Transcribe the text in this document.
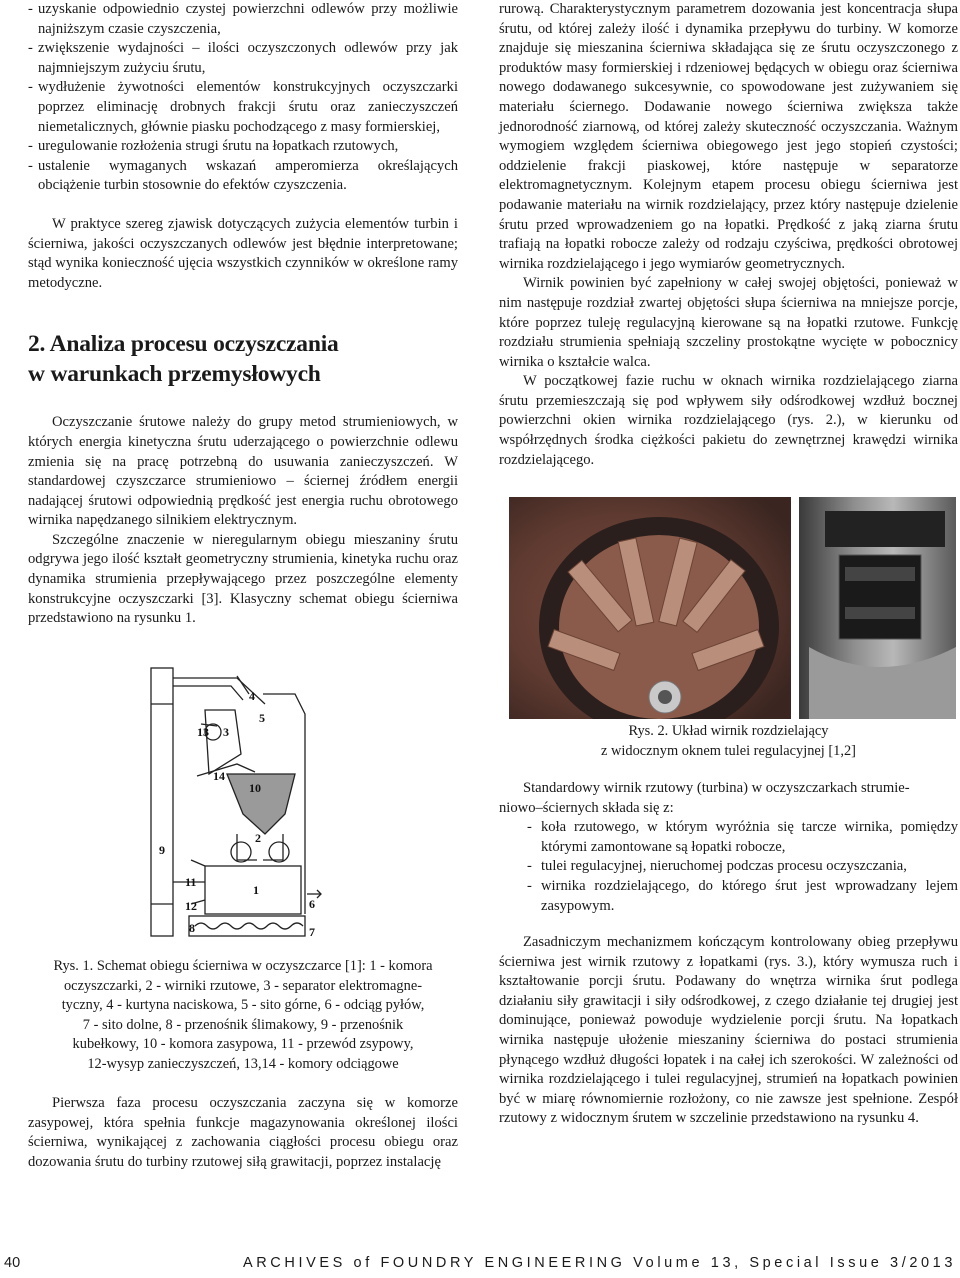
- uzyskanie odpowiednio czystej powierzchni odlewów przy możliwie najniższym czasie czyszczenia,
- zwiększenie wydajności – ilości oczyszczonych odlewów przy jak najmniejszym zużyciu śrutu,
- wydłużenie żywotności elementów konstrukcyjnych oczyszczarki poprzez eliminację drobnych frakcji śrutu oraz zanieczyszczeń niemetalicznych, głównie piasku pochodzącego z masy formierskiej,
- uregulowanie rozłożenia strugi śrutu na łopatkach rzutowych,
- ustalenie wymaganych wskazań amperomierza określających obciążenie turbin stosownie do efektów czyszczenia.

W praktyce szereg zjawisk dotyczących zużycia elementów turbin i ścierniwa, jakości oczyszczanych odlewów jest błędnie interpretowane; stąd wynika konieczność ujęcia wszystkich czynników w określone ramy metodyczne.

2. Analiza procesu oczyszczania
w warunkach przemysłowych

Oczyszczanie śrutowe należy do grupy metod strumieniowych, w których energia kinetyczna śrutu uderzającego o powierzchnie odlewu zmienia się na pracę potrzebną do usuwania zanieczyszczeń. W standardowej czyszczarce strumieniowo – ściernej źródłem energii nadającej śrutowi odpowiednią prędkość jest energia ruchu obrotowego wirnika napędzanego silnikiem elektrycznym.

Szczególne znaczenie w nieregularnym obiegu mieszaniny śrutu odgrywa jego ilość kształt geometryczny strumienia, kinetyka ruchu oraz dynamika strumienia przepływającego przez poszczególne elementy konstrukcyjne oczyszczarki [3]. Klasyczny schemat obiegu ścierniwa przedstawiono na rysunku 1.

Rys. 1. Schemat obiegu ścierniwa w oczyszczarce [1]: 1 - komora
oczyszczarki, 2 - wirniki rzutowe, 3 - separator elektromagne-
tyczny, 4 - kurtyna naciskowa, 5 - sito górne, 6 - odciąg pyłów,
7 - sito dolne, 8 - przenośnik ślimakowy, 9 - przenośnik
kubełkowy, 10 - komora zasypowa, 11 - przewód zsypowy,
12-wysyp zanieczyszczeń, 13,14 - komory odciągowe

Pierwsza faza procesu oczyszczania zaczyna się w komorze zasypowej, która spełnia funkcje magazynowania określonej ilości ścierniwa, wynikającej z zachowania ciągłości procesu obiegu oraz dozowania śrutu do turbiny rzutowej siłą grawitacji, poprzez instalację

4
5
13 3
14
10
9
2
11
1
12	6
8	7

rurową. Charakterystycznym parametrem dozowania jest koncentracja słupa śrutu, od której zależy ilość i dynamika przepływu do turbiny. W komorze znajduje się mieszanina ścierniwa składająca się ze śrutu oczyszczonego z produktów masy formierskiej i rdzeniowej będących w obiegu oraz ścierniwa nowego dodawanego sukcesywnie, co spowodowane jest zużywaniem się materiału ściernego. Dodawanie nowego ścierniwa zwiększa także jednorodność ziarnową, od której zależy skuteczność oczyszczania. Ważnym wymogiem względem ścierniwa obiegowego jest jego stopień czystości; oddzielenie frakcji piaskowej, które następuje w separatorze elektromagnetycznym. Kolejnym etapem procesu obiegu ścierniwa jest podawanie materiału na wirnik rozdzielający, przez który następuje dzielenie śrutu przed wprowadzeniem go na łopatki. Prędkość z jaką ziarna śrutu trafiają na łopatki robocze zależy od rodzaju czyściwa, prędkości obrotowej wirnika rozdzielającego i jego wymiarów geometrycznych.

Wirnik powinien być zapełniony w całej swojej objętości, ponieważ w nim następuje rozdział zwartej objętości słupa ścierniwa na mniejsze porcje, które poprzez tuleję regulacyjną kierowane są na łopatki rzutowe. Funkcję rozdziału strumienia spełniają szczeliny prostokątne wycięte w pobocznicy wirnika o kształcie walca.

W początkowej fazie ruchu w oknach wirnika rozdzielającego ziarna śrutu przemieszczają się pod wpływem siły odśrodkowej wzdłuż bocznej powierzchni okien wirnika rozdzielającego (rys. 2.), w kierunku od współrzędnych środka ciężkości pakietu do zewnętrznej krawędzi wirnika rozdzielającego.

Rys. 2. Układ wirnik rozdzielający
z widocznym oknem tulei regulacyjnej [1,2]

Standardowy wirnik rzutowy (turbina) w oczyszczarkach strumie-
niowo–ściernych składa się z:

- koła rzutowego, w którym wyróżnia się tarcze wirnika, pomiędzy którymi zamontowane są łopatki robocze,
- tulei regulacyjnej, nieruchomej podczas procesu oczyszczania,
- wirnika rozdzielającego, do którego śrut jest wprowadzany lejem zasypowym.

Zasadniczym mechanizmem kończącym kontrolowany obieg przepływu ścierniwa jest wirnik rzutowy z łopatkami (rys. 3.), który wymusza ruch i kształtowanie porcji śrutu. Podawany do wnętrza wirnika śrut podlega działaniu siły grawitacji i siły odśrodkowej, z czego działanie tej drugiej jest dominujące, ponieważ powoduje wydzielenie porcji śrutu. Na łopatkach wirnika następuje ułożenie mieszaniny ścierniwa do postaci strumienia płynącego wzdłuż długości łopatek i na całej ich szerokości. W zależności od wirnika rozdzielającego i tulei regulacyjnej, strumień na łopatkach powinien być w miarę równomiernie rozłożony, co nie zawsze jest spełnione. Zespół rzutowy z widocznym śrutem w szczelinie przedstawiono na rysunku 4.

40	ARCHIVES of FOUNDRY ENGINEERING Volume 13, Special Issue 3/2013
